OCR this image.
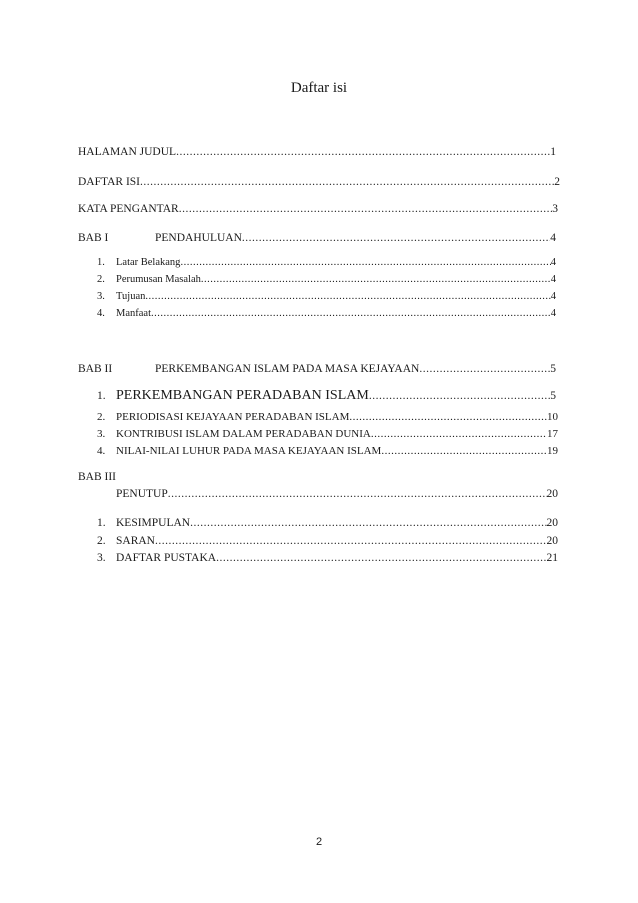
Daftar isi
HALAMAN JUDUL .....	1
DAFTAR ISI .....	2
KATA PENGANTAR .....	3
BAB I	PENDAHULUAN .....	4
1. Latar Belakang .....	4
2. Perumusan Masalah .....	4
3. Tujuan .....	4
4. Manfaat .....	4
BAB II	PERKEMBANGAN ISLAM PADA MASA KEJAYAAN .....	5
1. PERKEMBANGAN PERADABAN ISLAM .....	5
2. PERIODISASI KEJAYAAN PERADABAN ISLAM .....	10
3. KONTRIBUSI ISLAM DALAM PERADABAN DUNIA .....	17
4. NILAI-NILAI LUHUR PADA MASA KEJAYAAN ISLAM .....	19
BAB III
PENUTUP .....	20
1. KESIMPULAN .....	20
2. SARAN .....	20
3. DAFTAR PUSTAKA .....	21
2
